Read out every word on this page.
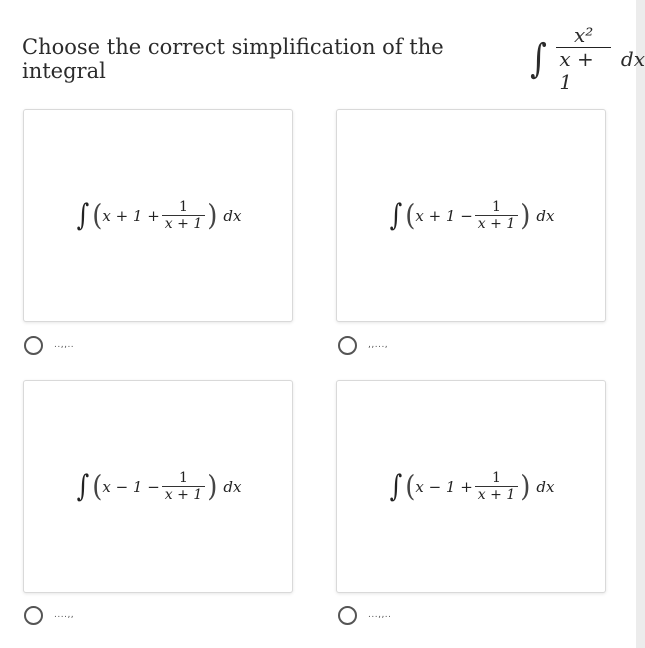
Choose the correct simplification of the integral	∫ $\frac{\text{x²}}{x + 1}$ dx
∫ ( $x + 1 + \frac{1}{x + 1}$ ) dx
..,,..
∫ ( $x + 1 - \frac{1}{x + 1}$ ) dx
,,...,
∫ ( $x - 1 - \frac{1}{x + 1}$ ) dx
....,,
∫ ( $x - 1 + \frac{1}{x + 1}$ ) dx
...,,..
